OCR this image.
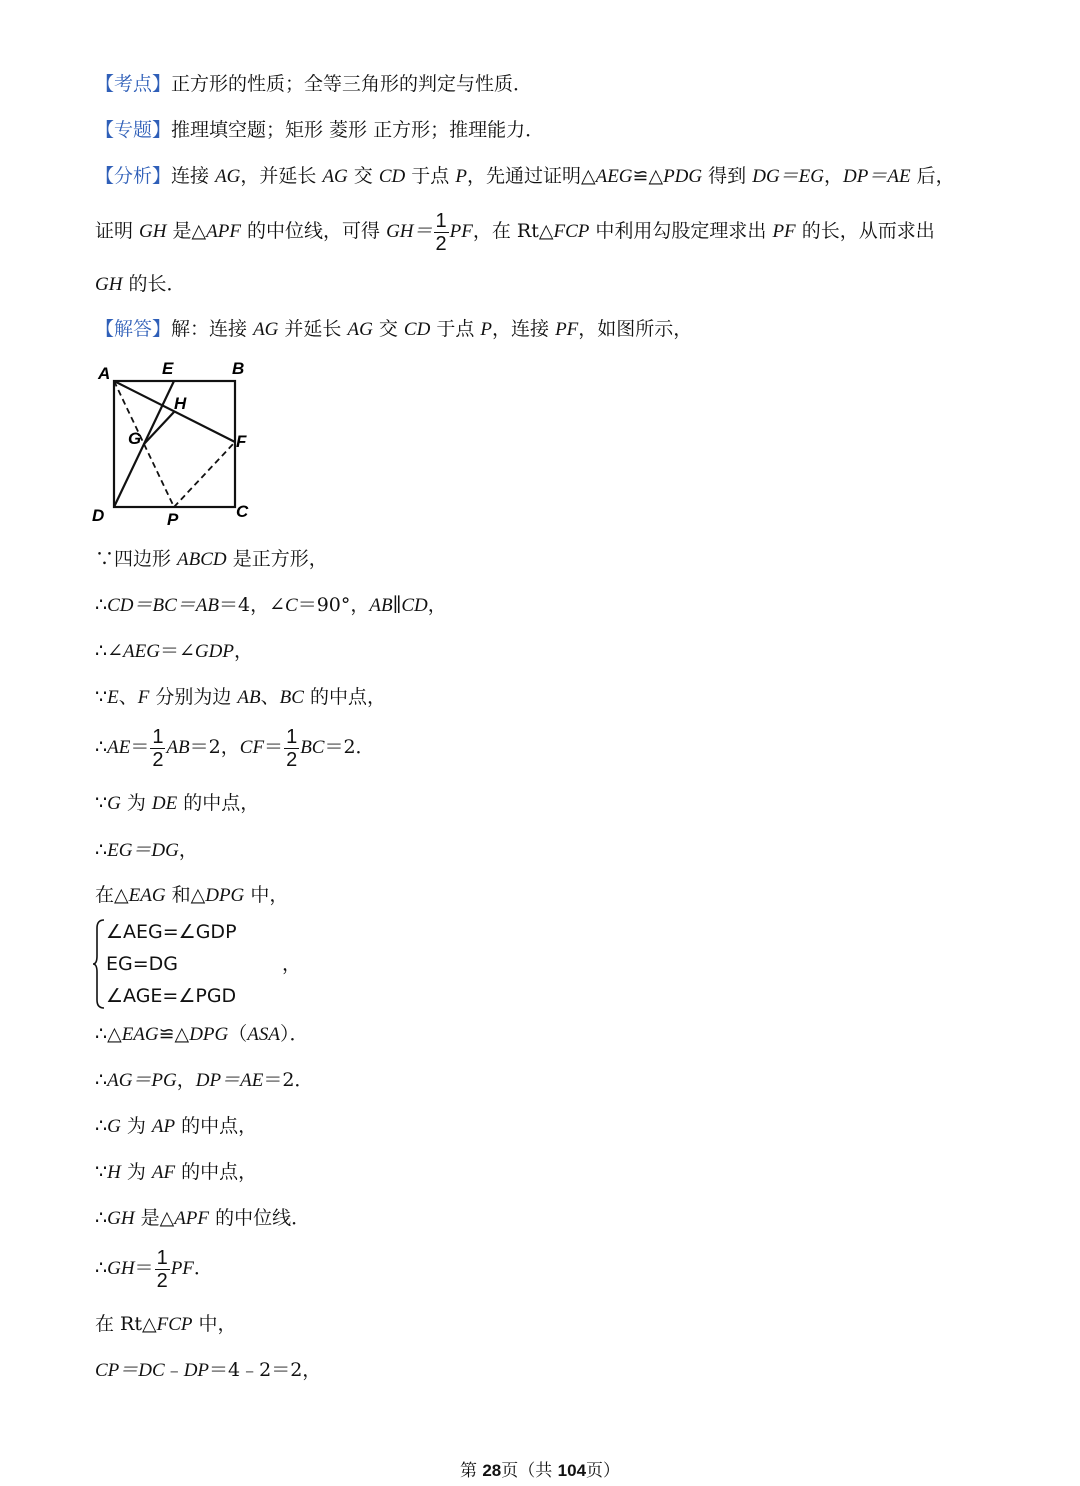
【考点】正方形的性质；全等三角形的判定与性质．
【专题】推理填空题；矩形 菱形 正方形；推理能力．
【分析】连接 AG，并延长 AG 交 CD 于点 P，先通过证明△AEG≌△PDG 得到 DG＝EG，DP＝AE 后，
证明 GH 是△APF 的中位线，可得 $GH= \frac{1}{2}$ PF，在 Rt△FCP 中利用勾股定理求出 PF 的长，从而求出
GH 的长．
【解答】解：连接 AG 并延长 AG 交 CD 于点 P，连接 PF，如图所示，
A	E	B
H
G	F
D	P	C
∵四边形 ABCD 是正方形，
∴CD＝BC＝AB＝4，∠C＝90°，AB∥CD，
∴∠AEG＝∠GDP，
∵E、F 分别为边 AB、BC 的中点，
∴AE＝ $\frac{1}{2} AB=2$，$CF= \frac{1}{2} BC=2$．
∵G 为 DE 的中点，
∴EG＝DG，
在△EAG 和△DPG 中，
∠AEG=∠GDP
EG=DG	，
∠AGE=∠PGD
∴△EAG≌△DPG（ASA）．
∴AG＝PG，DP＝AE＝2．
∴G 为 AP 的中点，
∵H 为 AF 的中点，
∴GH 是△APF 的中位线．
∴GH＝ $\frac{1}{2}$ PF．
在 Rt△FCP 中，
CP＝DC﹣DP＝4﹣2＝2，
第 28页（共 104页）
